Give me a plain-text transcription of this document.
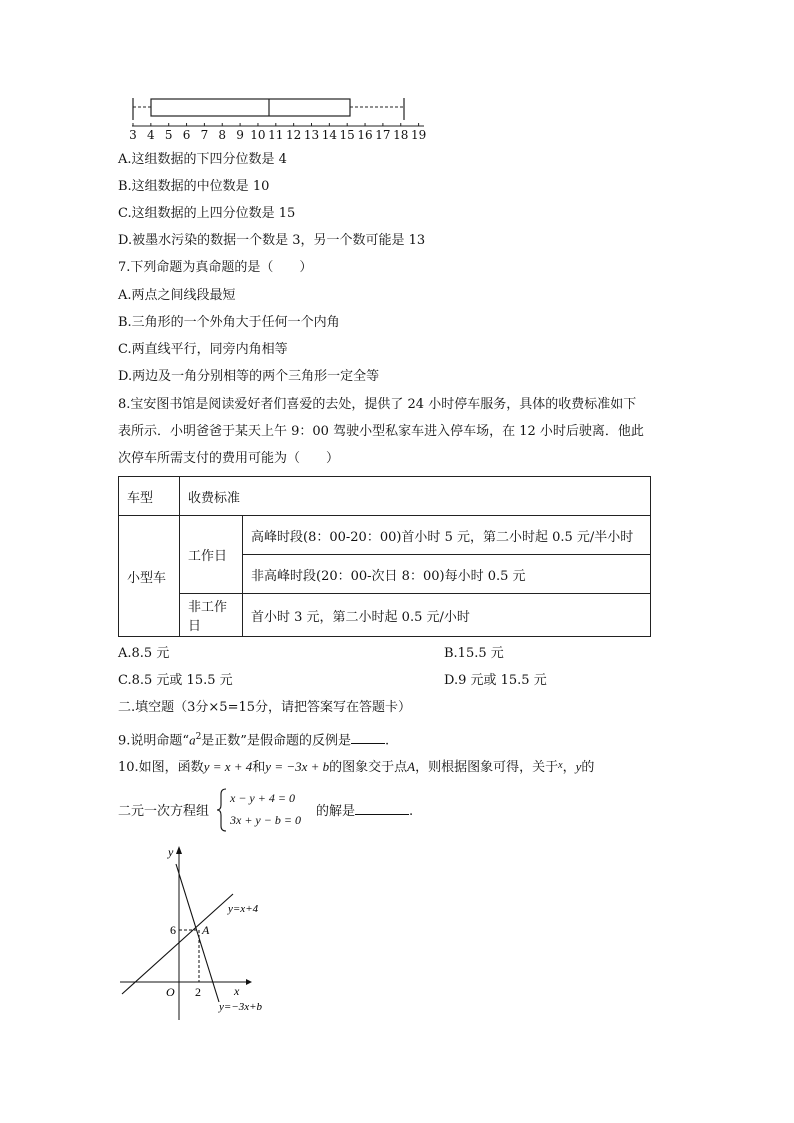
3 4 5 6 7 8 9 10 11 12 13 14 15 16 17 18 19
A.这组数据的下四分位数是 4
B.这组数据的中位数是 10
C.这组数据的上四分位数是 15
D.被墨水污染的数据一个数是 3，另一个数可能是 13
7.下列命题为真命题的是（　　）
A.两点之间线段最短
B.三角形的一个外角大于任何一个内角
C.两直线平行，同旁内角相等
D.两边及一角分别相等的两个三角形一定全等
8.宝安图书馆是阅读爱好者们喜爱的去处，提供了 24 小时停车服务，具体的收费标准如下
表所示．小明爸爸于某天上午 9：00 驾驶小型私家车进入停车场，在 12 小时后驶离．他此
次停车所需支付的费用可能为（　　）
车型	收费标准	
小型车	工作日	高峰时段(8：00-20：00)首小时 5 元，第二小时起 0.5 元/半小时
		非高峰时段(20：00-次日 8：00)每小时 0.5 元
	非工作日	首小时 3 元，第二小时起 0.5 元/小时
A.8.5 元	B.15.5 元
C.8.5 元或 15.5 元	D.9 元或 15.5 元
二.填空题（3分×5=15分，请把答案写在答题卡）
9.说明命题“$a^2$是正数”是假命题的反例是	.
10.如图，函数y = x + 4和y = −3x + b的图象交于点A，则根据图象可得，关于$^x$，y的
二元一次方程组
x − y + 4 = 0
3x + y − b = 0
的解是	.
y
x
O
6
2
A
y=x+4
y=−3x+b
